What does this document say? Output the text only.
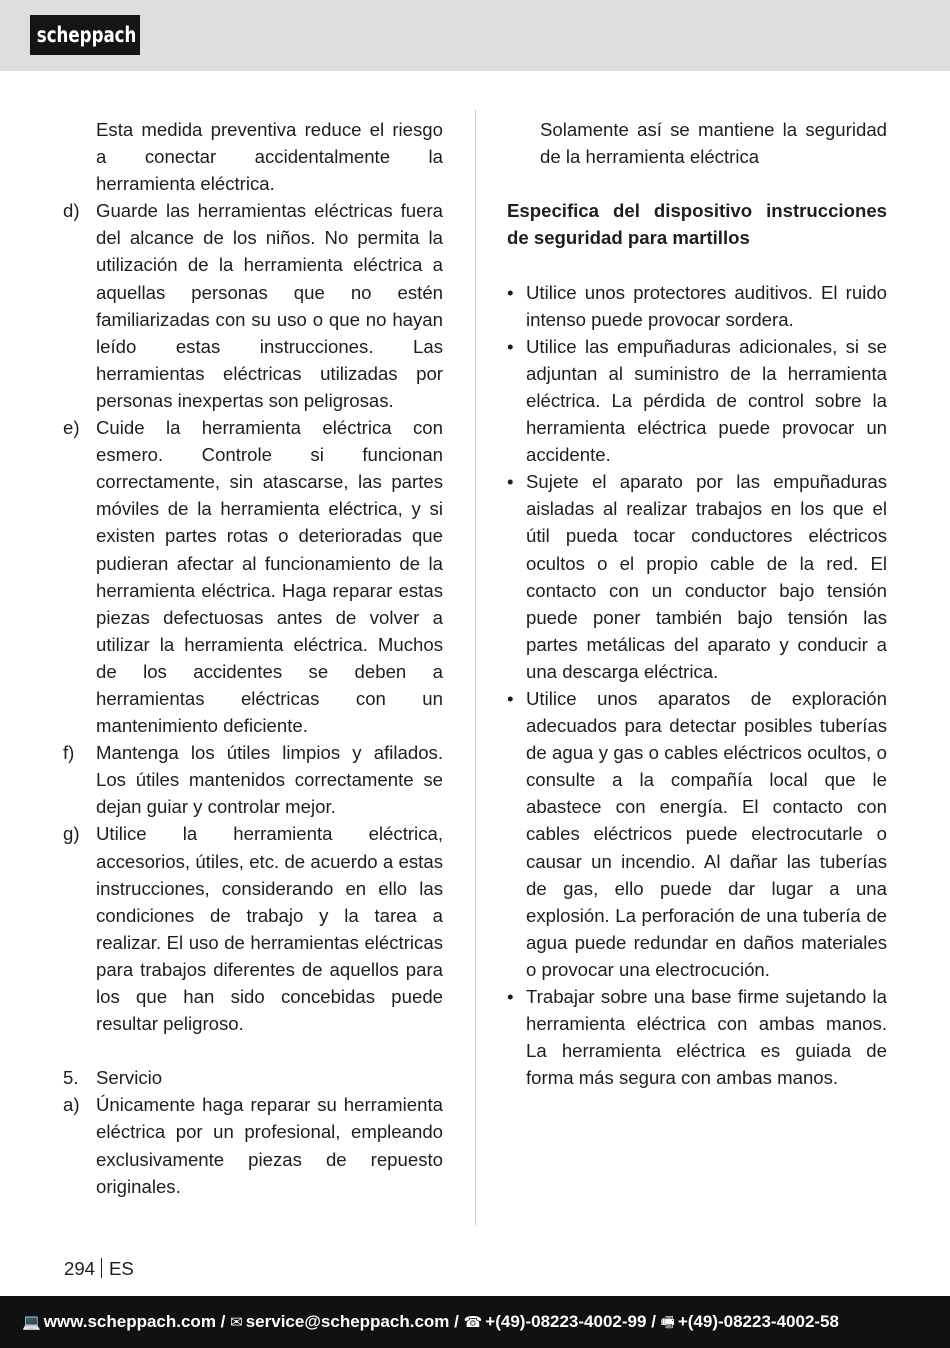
scheppach

Esta medida preventiva reduce el riesgo a conectar accidentalmente la herramienta eléctrica.

d) Guarde las herramientas eléctricas fuera del alcance de los niños. No permita la utilización de la herramienta eléctrica a aquellas personas que no estén familiarizadas con su uso o que no hayan leído estas instrucciones. Las herramientas eléctricas utilizadas por personas inexpertas son peligrosas.
e) Cuide la herramienta eléctrica con esmero. Controle si funcionan correctamente, sin atascarse, las partes móviles de la herramienta eléctrica, y si existen partes rotas o deterioradas que pudieran afectar al funcionamiento de la herramienta eléctrica. Haga reparar estas piezas defectuosas antes de volver a utilizar la herramienta eléctrica. Muchos de los accidentes se deben a herramientas eléctricas con un mantenimiento deficiente.
f)	Mantenga los útiles limpios y afilados. Los útiles mantenidos correctamente se dejan guiar y controlar mejor.
g) Utilice la herramienta eléctrica, accesorios, útiles, etc. de acuerdo a estas instrucciones, considerando en ello las condiciones de trabajo y la tarea a realizar. El uso de herramientas eléctricas para trabajos diferentes de aquellos para los que han sido concebidas puede resultar peligroso.
5. Servicio
a) Únicamente haga reparar su herramienta eléctrica por un profesional, empleando exclusivamente piezas de repuesto originales.

Solamente así se mantiene la seguridad de la herramienta eléctrica

Especifica del dispositivo instrucciones de seguridad para martillos

• Utilice unos protectores auditivos. El ruido intenso puede provocar sordera.
• Utilice las empuñaduras adicionales, si se adjuntan al suministro de la herramienta eléctrica. La pérdida de control sobre la herramienta eléctrica puede provocar un accidente.
• Sujete el aparato por las empuñaduras aisladas al realizar trabajos en los que el útil pueda tocar conductores eléctricos ocultos o el propio cable de la red. El contacto con un conductor bajo tensión puede poner también bajo tensión las partes metálicas del aparato y conducir a una descarga eléctrica.
• Utilice unos aparatos de exploración adecuados para detectar posibles tuberías de agua y gas o cables eléctricos ocultos, o consulte a la compañía local que le abastece con energía. El contacto con cables eléctricos puede electrocutarle o causar un incendio. Al dañar las tuberías de gas, ello puede dar lugar a una explosión. La perforación de una tubería de agua puede redundar en daños materiales o provocar una electrocución.
• Trabajar sobre una base firme sujetando la herramienta eléctrica con ambas manos. La herramienta eléctrica es guiada de forma más segura con ambas manos.
294 ES
💻 www.scheppach.com / ✉ service@scheppach.com / ☎ +(49)-08223-4002-99 / 🖷 +(49)-08223-4002-58
